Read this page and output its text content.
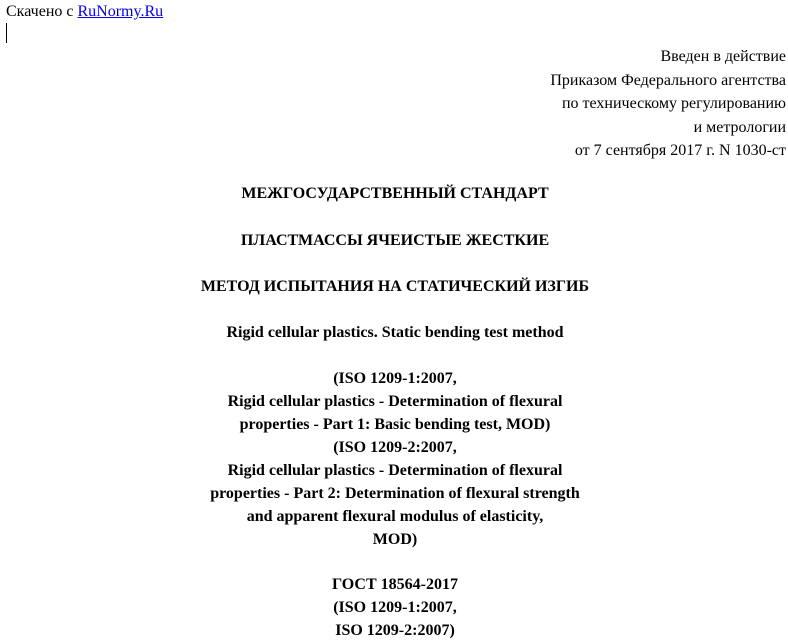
Скачено с RuNormy.Ru
Введен в действие
Приказом Федерального агентства
по техническому регулированию
и метрологии
от 7 сентября 2017 г. N 1030-ст
МЕЖГОСУДАРСТВЕННЫЙ СТАНДАРТ
ПЛАСТМАССЫ ЯЧЕИСТЫЕ ЖЕСТКИЕ
МЕТОД ИСПЫТАНИЯ НА СТАТИЧЕСКИЙ ИЗГИБ
Rigid cellular plastics. Static bending test method
(ISO 1209-1:2007,
Rigid cellular plastics - Determination of flexural
properties - Part 1: Basic bending test, MOD)
(ISO 1209-2:2007,
Rigid cellular plastics - Determination of flexural
properties - Part 2: Determination of flexural strength
and apparent flexural modulus of elasticity,
MOD)
ГОСТ 18564-2017
(ISO 1209-1:2007,
ISO 1209-2:2007)
